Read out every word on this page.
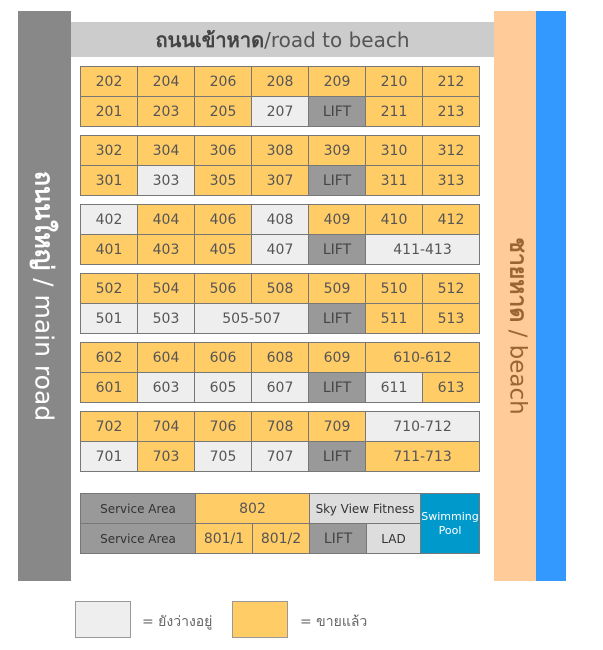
ถนนใหญ่ / main road
ถนนเข้าหาด / road to beach
ชายหาด / beach
202	204	206	208	209	210	212
201	203	205	207	LIFT	211	213
302	304	306	308	309	310	312
301	303	305	307	LIFT	311	313
402	404	406	408	409	410	412
401	403	405	407	LIFT	411-413	
502	504	506	508	509	510	512
501	503	505-507		LIFT	511	513
602	604	606	608	609	610-612	
601	603	605	607	LIFT	611	613
702	704	706	708	709	710-712
701	703	705	707	LIFT	711-713
Service Area	802		Sky View Fitness		Swimming Pool
Service Area	801/1	801/2	LIFT	LAD	
= ยังว่างอยู่	= ขายแล้ว
